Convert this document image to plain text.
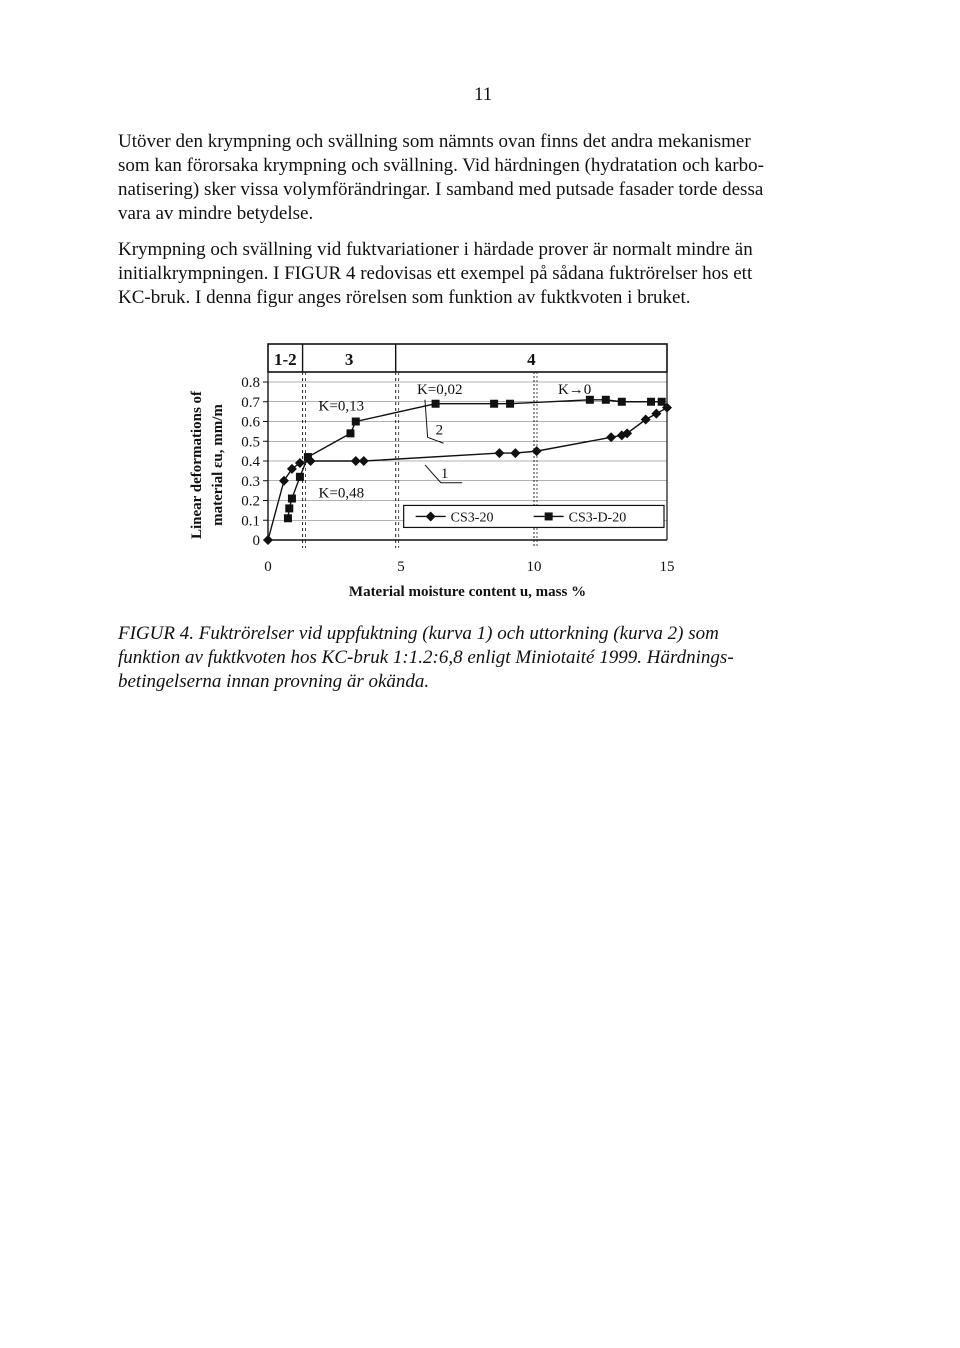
11

Utöver den krympning och svällning som nämnts ovan finns det andra mekanismer
som kan förorsaka krympning och svällning. Vid härdningen (hydratation och karbo-
natisering) sker vissa volymförändringar. I samband med putsade fasader torde dessa
vara av mindre betydelse.

Krympning och svällning vid fuktvariationer i härdade prover är normalt mindre än
initialkrympningen. I FIGUR 4 redovisas ett exempel på sådana fuktrörelser hos ett
KC-bruk. I denna figur anges rörelsen som funktion av fuktkvoten i bruket.

1-2	3	4
0
0.1
0.2
0.3
0.4
0.5
0.6
0.7
0.8
0	5	10	15
Material moisture content u, mass %
Linear deformations of material εu, mm/m	K=0,13
K=0,02	K→0
K=0,48
2
1
CS3-20	CS3-D-20
FIGUR 4. Fuktrörelser vid uppfuktning (kurva 1) och uttorkning (kurva 2) som
funktion av fuktkvoten hos KC-bruk 1:1.2:6,8 enligt Miniotaité 1999. Härdnings-
betingelserna innan provning är okända.
